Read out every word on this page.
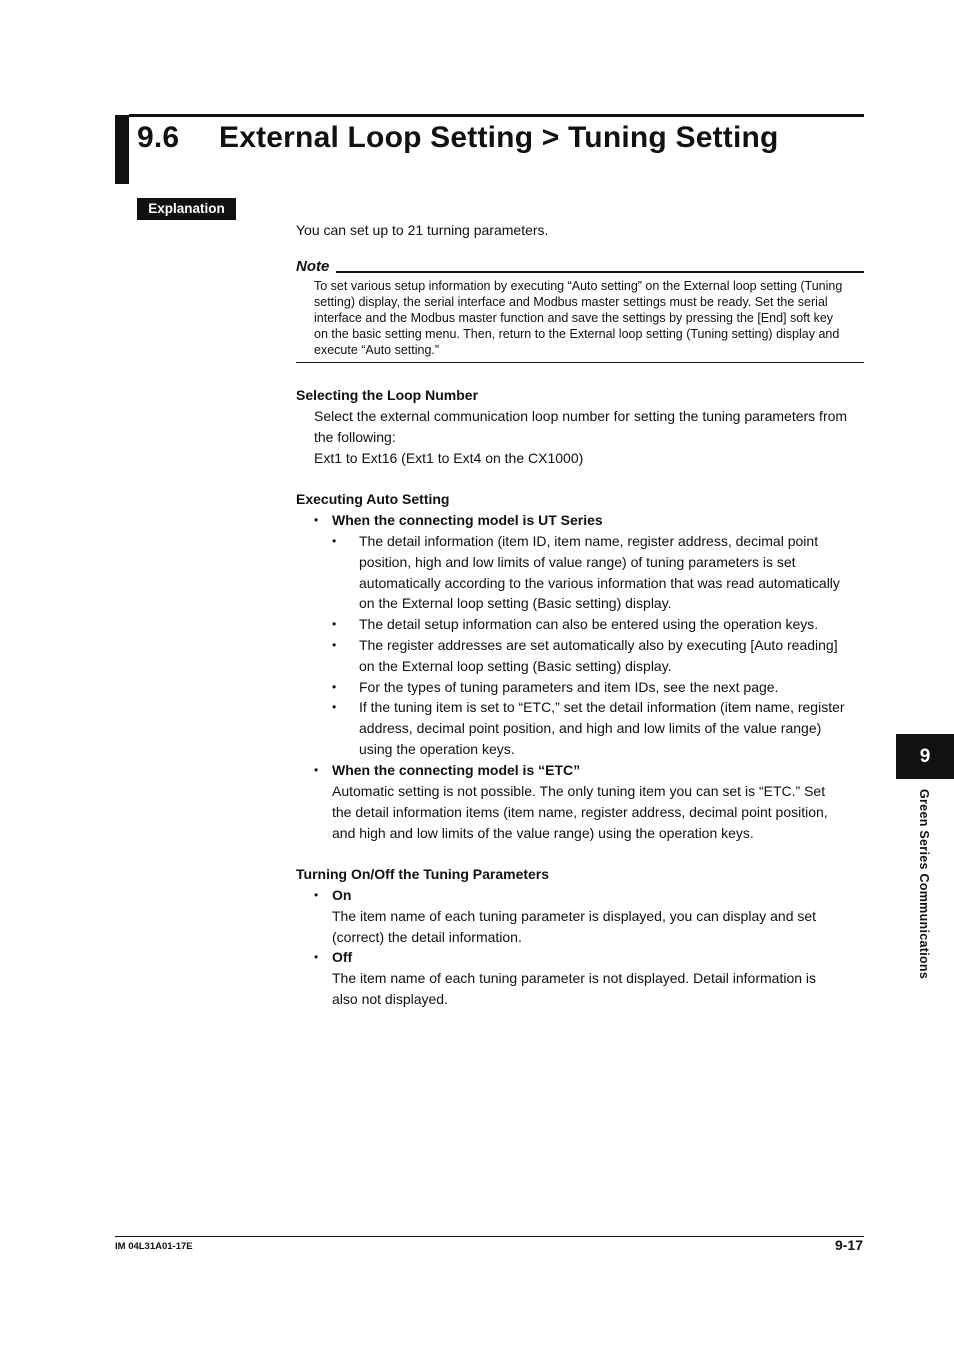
9.6 External Loop Setting > Tuning Setting
Explanation
You can set up to 21 turning parameters.
Note
To set various setup information by executing “Auto setting” on the External loop setting (Tuning
setting) display, the serial interface and Modbus master settings must be ready. Set the serial
interface and the Modbus master function and save the settings by pressing the [End] soft key
on the basic setting menu. Then, return to the External loop setting (Tuning setting) display and
execute “Auto setting.”
Selecting the Loop Number
Select the external communication loop number for setting the tuning parameters from
the following:
Ext1 to Ext16 (Ext1 to Ext4 on the CX1000)
Executing Auto Setting
• When the connecting model is UT Series
• The detail information (item ID, item name, register address, decimal point
position, high and low limits of value range) of tuning parameters is set
automatically according to the various information that was read automatically
on the External loop setting (Basic setting) display.
• The detail setup information can also be entered using the operation keys.
• The register addresses are set automatically also by executing [Auto reading]
on the External loop setting (Basic setting) display.
• For the types of tuning parameters and item IDs, see the next page.
• If the tuning item is set to “ETC,” set the detail information (item name, register
address, decimal point position, and high and low limits of the value range)
using the operation keys.
• When the connecting model is “ETC”
Automatic setting is not possible. The only tuning item you can set is “ETC.” Set
the detail information items (item name, register address, decimal point position,
and high and low limits of the value range) using the operation keys.
Turning On/Off the Tuning Parameters
• On
The item name of each tuning parameter is displayed, you can display and set
(correct) the detail information.
• Off
The item name of each tuning parameter is not displayed. Detail information is
also not displayed.
9
Green Series Communications
IM 04L31A01-17E	9-17
